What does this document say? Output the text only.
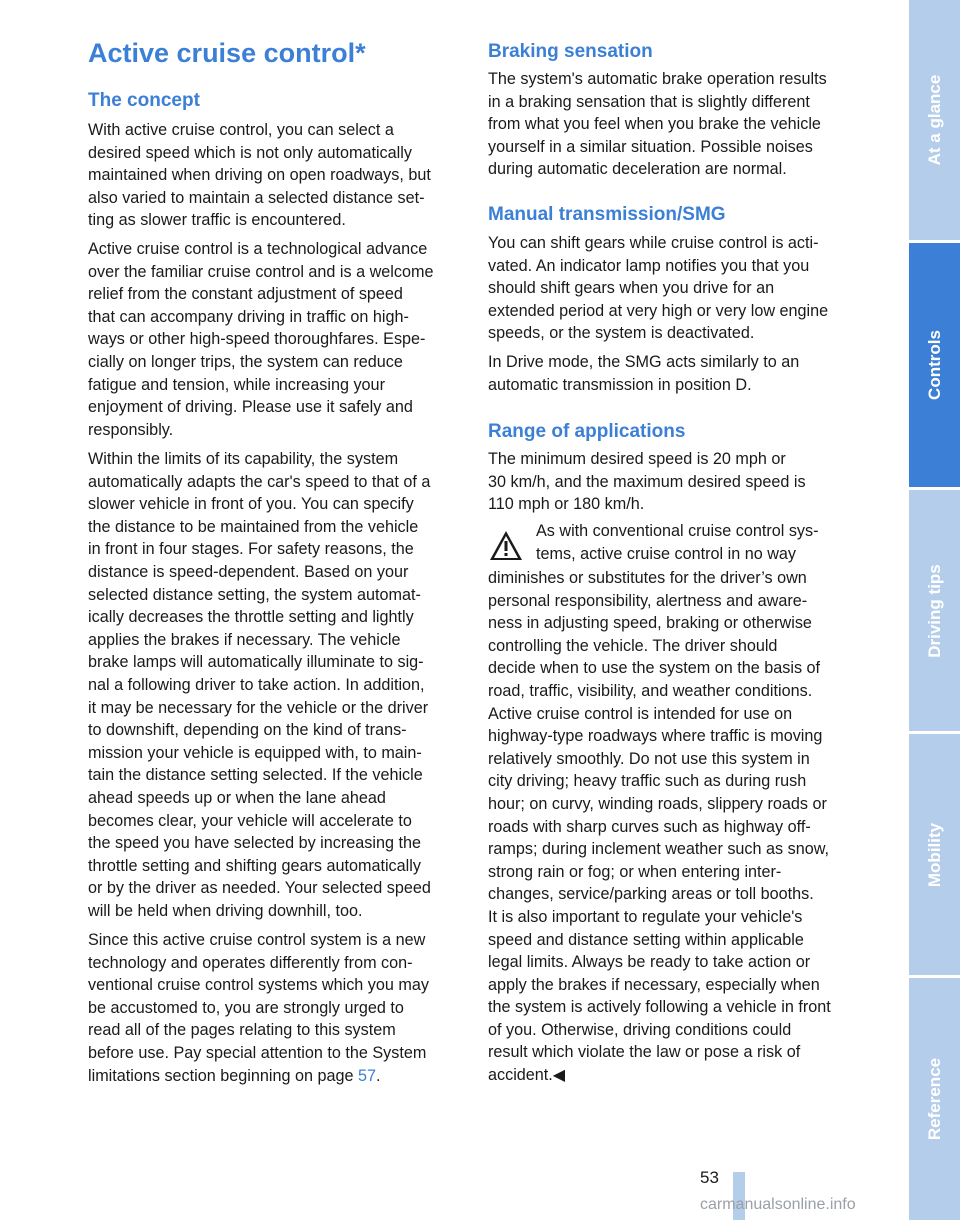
Active cruise control*
The concept

With active cruise control, you can select a
desired speed which is not only automatically
maintained when driving on open roadways, but
also varied to maintain a selected distance set-
ting as slower traffic is encountered.

Active cruise control is a technological advance
over the familiar cruise control and is a welcome
relief from the constant adjustment of speed
that can accompany driving in traffic on high-
ways or other high-speed thoroughfares. Espe-
cially on longer trips, the system can reduce
fatigue and tension, while increasing your
enjoyment of driving. Please use it safely and
responsibly.

Within the limits of its capability, the system
automatically adapts the car's speed to that of a
slower vehicle in front of you. You can specify
the distance to be maintained from the vehicle
in front in four stages. For safety reasons, the
distance is speed-dependent. Based on your
selected distance setting, the system automat-
ically decreases the throttle setting and lightly
applies the brakes if necessary. The vehicle
brake lamps will automatically illuminate to sig-
nal a following driver to take action. In addition,
it may be necessary for the vehicle or the driver
to downshift, depending on the kind of trans-
mission your vehicle is equipped with, to main-
tain the distance setting selected. If the vehicle
ahead speeds up or when the lane ahead
becomes clear, your vehicle will accelerate to
the speed you have selected by increasing the
throttle setting and shifting gears automatically
or by the driver as needed. Your selected speed
will be held when driving downhill, too.

Since this active cruise control system is a new
technology and operates differently from con-
ventional cruise control systems which you may
be accustomed to, you are strongly urged to
read all of the pages relating to this system
before use. Pay special attention to the System
limitations section beginning on page 57.

Braking sensation

The system's automatic brake operation results
in a braking sensation that is slightly different
from what you feel when you brake the vehicle
yourself in a similar situation. Possible noises
during automatic deceleration are normal.

Manual transmission/SMG

You can shift gears while cruise control is acti-
vated. An indicator lamp notifies you that you
should shift gears when you drive for an
extended period at very high or very low engine
speeds, or the system is deactivated.

In Drive mode, the SMG acts similarly to an
automatic transmission in position D.

Range of applications

The minimum desired speed is 20 mph or
30 km/h, and the maximum desired speed is
110 mph or 180 km/h.

As with conventional cruise control sys-
tems, active cruise control in no way

diminishes or substitutes for the driver’s own
personal responsibility, alertness and aware-
ness in adjusting speed, braking or otherwise
controlling the vehicle. The driver should
decide when to use the system on the basis of
road, traffic, visibility, and weather conditions.
Active cruise control is intended for use on
highway-type roadways where traffic is moving
relatively smoothly. Do not use this system in
city driving; heavy traffic such as during rush
hour; on curvy, winding roads, slippery roads or
roads with sharp curves such as highway off-
ramps; during inclement weather such as snow,
strong rain or fog; or when entering inter-
changes, service/parking areas or toll booths.
It is also important to regulate your vehicle's
speed and distance setting within applicable
legal limits. Always be ready to take action or
apply the brakes if necessary, especially when
the system is actively following a vehicle in front
of you. Otherwise, driving conditions could
result which violate the law or pose a risk of
accident.◀

At a glance
Controls
Driving tips
Mobility
Reference
53
carmanualsonline.info
